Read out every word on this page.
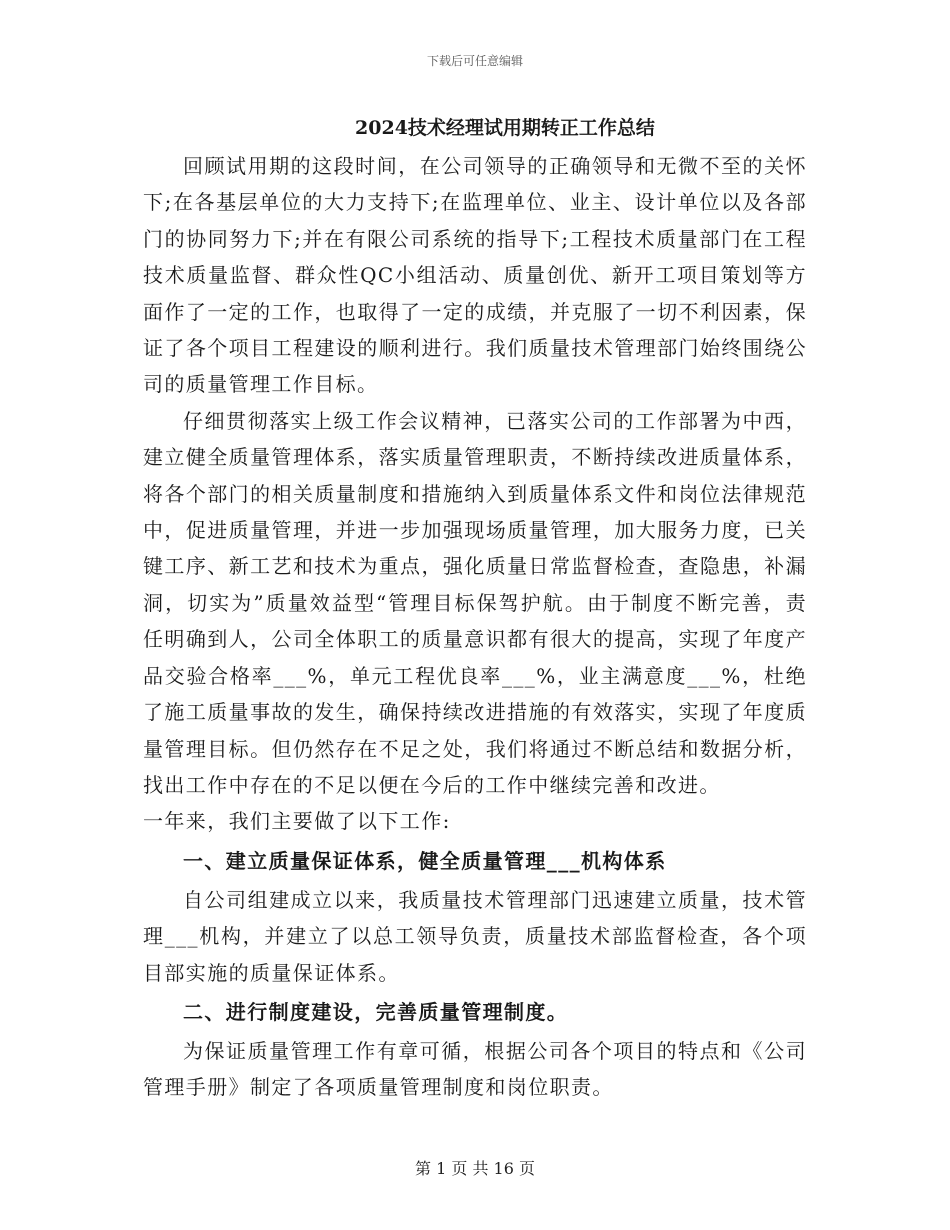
下载后可任意编辑
2024技术经理试用期转正工作总结

回顾试用期的这段时间，在公司领导的正确领导和无微不至的关怀下;在各基层单位的大力支持下;在监理单位、业主、设计单位以及各部门的协同努力下;并在有限公司系统的指导下;工程技术质量部门在工程技术质量监督、群众性QC小组活动、质量创优、新开工项目策划等方面作了一定的工作，也取得了一定的成绩，并克服了一切不利因素，保证了各个项目工程建设的顺利进行。我们质量技术管理部门始终围绕公司的质量管理工作目标。

仔细贯彻落实上级工作会议精神，已落实公司的工作部署为中西，建立健全质量管理体系，落实质量管理职责，不断持续改进质量体系，将各个部门的相关质量制度和措施纳入到质量体系文件和岗位法律规范中，促进质量管理，并进一步加强现场质量管理，加大服务力度，已关键工序、新工艺和技术为重点，强化质量日常监督检查，查隐患，补漏洞，切实为”质量效益型“管理目标保驾护航。由于制度不断完善，责任明确到人，公司全体职工的质量意识都有很大的提高，实现了年度产品交验合格率___%，单元工程优良率___%，业主满意度___%，杜绝了施工质量事故的发生，确保持续改进措施的有效落实，实现了年度质量管理目标。但仍然存在不足之处，我们将通过不断总结和数据分析，找出工作中存在的不足以便在今后的工作中继续完善和改进。

一年来，我们主要做了以下工作:

一、建立质量保证体系，健全质量管理___机构体系

自公司组建成立以来，我质量技术管理部门迅速建立质量，技术管理___机构，并建立了以总工领导负责，质量技术部监督检查，各个项目部实施的质量保证体系。

二、进行制度建设，完善质量管理制度。

为保证质量管理工作有章可循，根据公司各个项目的特点和《公司管理手册》制定了各项质量管理制度和岗位职责。

第 1 页 共 16 页
